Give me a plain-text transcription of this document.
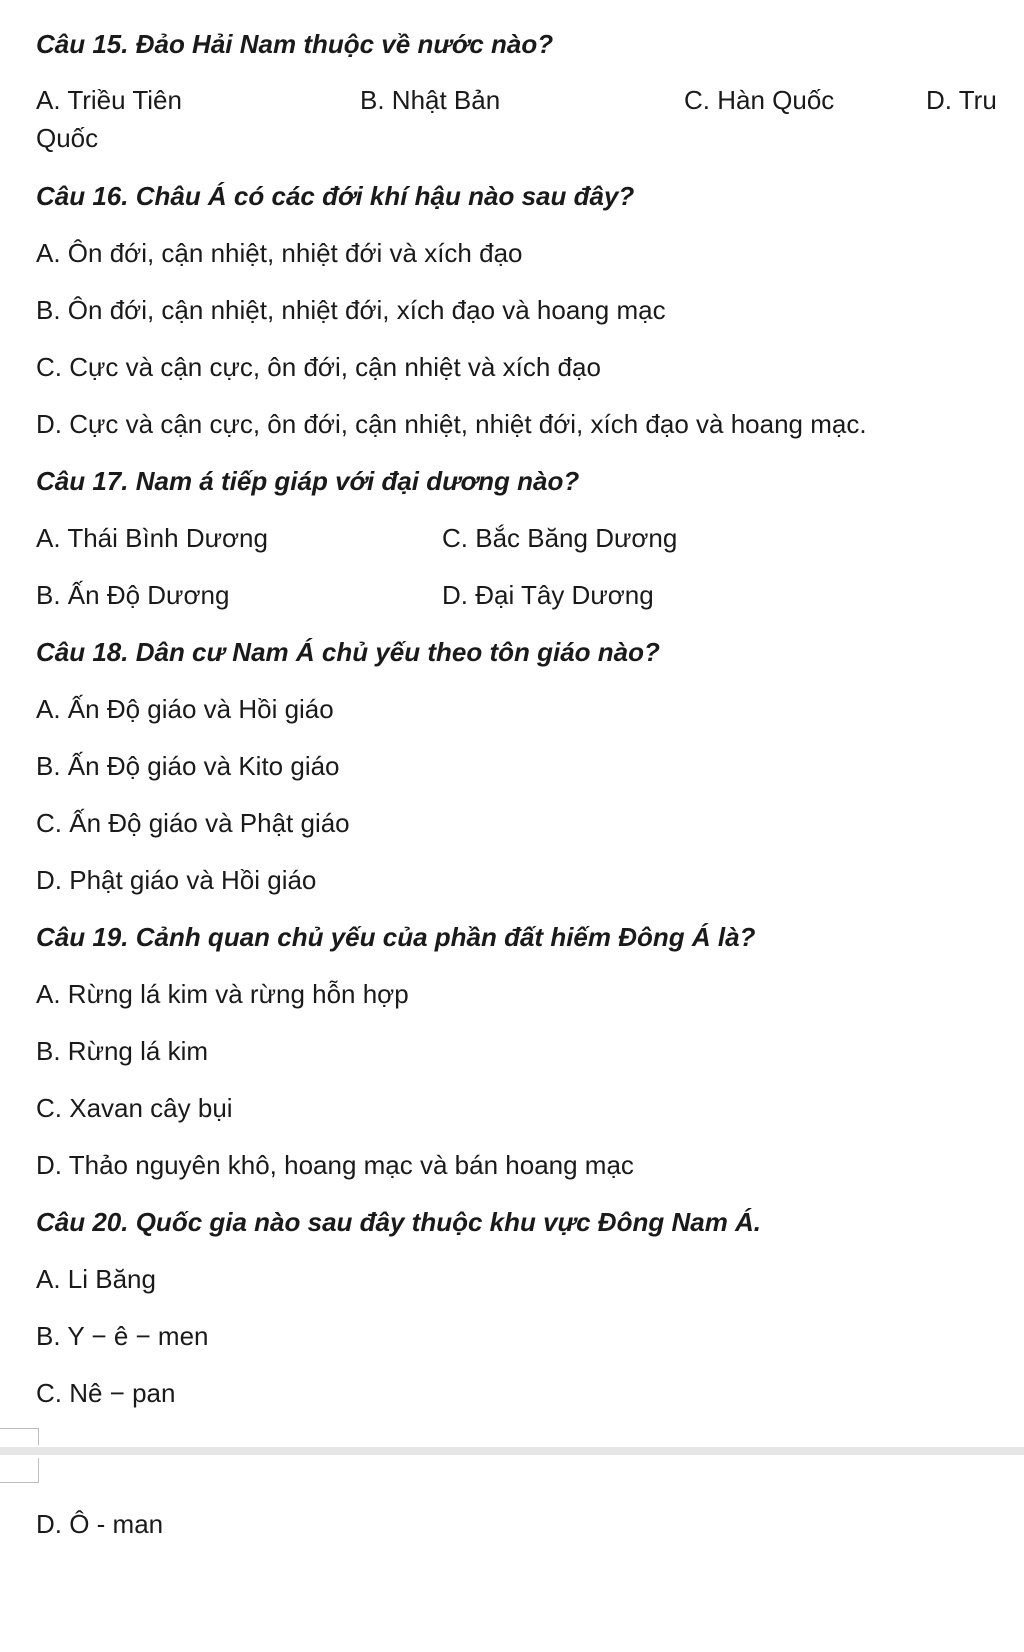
Câu 15. Đảo Hải Nam thuộc về nước nào?
A. Triều Tiên	B. Nhật Bản	C. Hàn Quốc	D. Tru
Quốc
Câu 16. Châu Á có các đới khí hậu nào sau đây?
A. Ôn đới, cận nhiệt, nhiệt đới và xích đạo
B. Ôn đới, cận nhiệt, nhiệt đới, xích đạo và hoang mạc
C. Cực và cận cực, ôn đới, cận nhiệt và xích đạo
D. Cực và cận cực, ôn đới, cận nhiệt, nhiệt đới, xích đạo và hoang mạc.
Câu 17. Nam á tiếp giáp với đại dương nào?
A. Thái Bình Dương	C. Bắc Băng Dương
B. Ấn Độ Dương	D. Đại Tây Dương
Câu 18. Dân cư Nam Á chủ yếu theo tôn giáo nào?
A. Ấn Độ giáo và Hồi giáo
B. Ấn Độ giáo và Kito giáo
C. Ấn Độ giáo và Phật giáo
D. Phật giáo và Hồi giáo
Câu 19. Cảnh quan chủ yếu của phần đất hiếm Đông Á là?
A. Rừng lá kim và rừng hỗn hợp
B. Rừng lá kim
C. Xavan cây bụi
D. Thảo nguyên khô, hoang mạc và bán hoang mạc
Câu 20. Quốc gia nào sau đây thuộc khu vực Đông Nam Á.
A. Li Băng
B. Y − ê − men
C. Nê − pan
D. Ô - man
